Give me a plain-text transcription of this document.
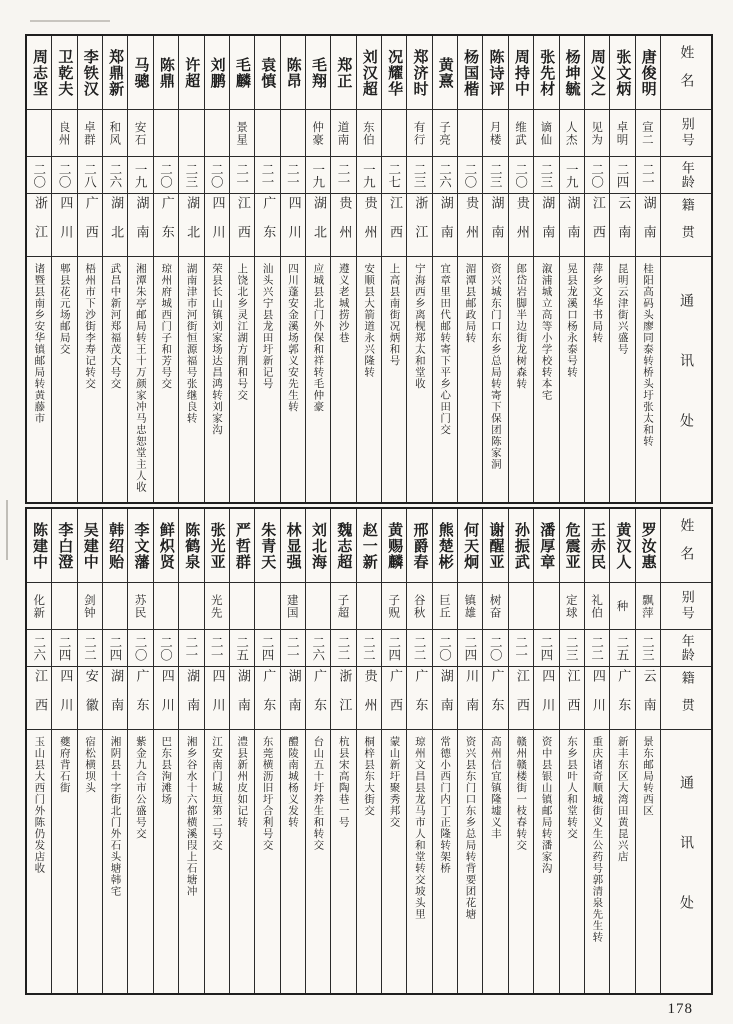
周志坚
二〇
浙江
诸暨县南乡安华镇邮局转黄藤市
卫乾夫
良州
二〇
四川
郫县花元场邮局交
李铁汉
卓群
二八
广西
梧州市下沙街李寿记转交
郑鼎新
和风
二六
湖北
武昌中新河郑福茂大号交
马骢
安石
一九
湖南
湘潭朱亭邮局转王十万颜家冲马忠恕堂主人收
陈鼎
二〇
广东
琼州府城西门子和芳号交
许超
二三
湖北
湖南津市河街恒源福号张继良转
刘鹏
二〇
四川
荣县长山镇刘家场达昌鸿转刘家沟
毛麟
景星
二一
江西
上饶北乡灵江湖方荆和号交
袁慎
二一
广东
汕头兴宁县龙田圩新记号
陈昂
二一
四川
四川蓬安金溪场郭义安先生转
毛翔
仲豪
一九
湖北
应城县北门外保和祥转毛仲豪
郑正
道南
二一
贵州
遵义老城捞沙巷
刘汉超
东伯
一九
贵州
安顺县大箭道永兴隆转
况耀华
二七
江西
上高县南街况炳和号
郑济时
有行
二三
浙江
宁海西乡离枧郑太和堂收
黄熹
子亮
二六
湖南
宜章里田代邮转寄下平乡心田门交
杨国楷
二〇
贵州
湄潭县邮政局转
陈诗评
月楼
二三
湖南
资兴城东门口东乡总局转寄下保团陈家洞
周持中
维武
二〇
贵州
郎岱岩脚半边街龙树森转
张先材
谪仙
二三
湖南
溆浦城立高等小学校转本宅
杨坤毓
人杰
一九
湖南
晃县龙溪口杨永泰号转
周义之
见为
二〇
江西
萍乡文华书局转
张文炳
卓明
二四
云南
昆明云津街兴盛号
唐俊明
宣二
二一
湖南
桂阳高码头廖同泰转桥头圩张太和转
姓名
别号
年龄
籍贯
通讯处
陈建中
化新
二六
江西
玉山县大西门外陈仍发店收
李白澄
二四
四川
夔府背石街
吴建中
剑钟
二二
安徽
宿松横坝头
韩绍贻
二四
湖南
湘阴县十字街北门外石头塘韩宅
李文藩
苏民
二〇
广东
紫金九合市公盛号交
鲜炽贤
二〇
四川
巴东县洵滩场
陈鹤泉
二一
湖南
湘乡谷水十六都横溪叚上石塘冲
张光亚
光先
二一
四川
江安南门城垣第二号交
严哲群
二五
湖南
澧县新州皮如记转
朱青天
二四
广东
东莞横沥旧圩合利号交
林显强
建国
二一
湖南
醴陵南城杨义发转
刘北海
二六
广东
台山五十圩养生和转交
魏志超
子超
二二
浙江
杭县宋高陶巷一号
赵一新
二二
贵州
桐梓县东大街交
黄赐麟
子贶
二四
广西
蒙山新圩聚秀邦交
邢爵春
谷秋
二二
广东
琼州文昌县龙马市人和堂转交坡头里
熊楚彬
巨丘
二〇
湖南
常德小西门内丁正隆转架桥
何天炯
镇雄
二四
川南
资兴县东门口东乡总局转背要团花塘
谢醒亚
树奋
二〇
广东
高州信宜镇隆墟义丰
孙振武
二一
江西
赣州赣楼街一枝春转交
潘厚章
二四
四川
资中县银山镇邮局转潘家沟
危震亚
定球
二三
江西
东乡县叶人和堂转交
王赤民
礼伯
二二
四川
重庆诸奇顺城街义生公药号郭清泉先生转
黄汉人
种
二五
广东
新丰东区大湾田黄昆兴店
罗汝惠
飘萍
二三
云南
景东邮局转西区
姓名
别号
年龄
籍贯
通讯处
178
